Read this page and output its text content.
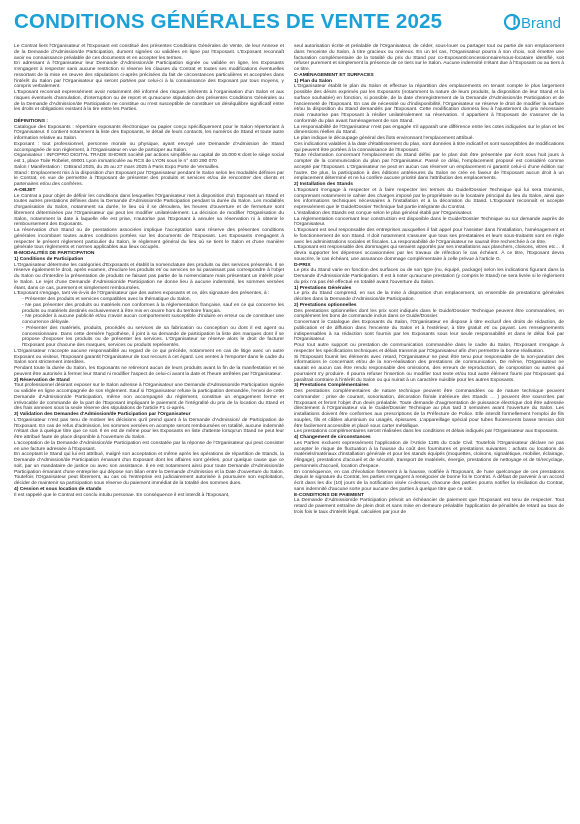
CONDITIONS GÉNÉRALES DE VENTE 2025	Brand

Le Contrat lient l'Organisateur et l'Exposant est constitué des présentes Conditions Générales de Vente, de leur Annexe et de la Demande d'Admission/de Participation, dument signées ou validées en ligne par l'Exposant. L'Exposant reconnaît avoir eu connaissance préalable de ces documents et en accepter les termes.

En adressant à l'Organisateur leur Demande d'Admission/de Participation signée ou validée en ligne, les Exposants s'engagent à respecter sans aucune restriction ni réserve les clauses du Contrat et toutes ses modifications éventuelles ressortant de la mise en œuvre des stipulations ci-après précisées du fait de circonstances particulières et acceptées dans l'intérêt du Salon par l'Organisateur qui seront portées par celui-ci à la connaissance des Exposant par tous moyens, y compris verbalement.

L'Exposant reconnait expressément avoir notamment été informé des risques inhérents à l'organisation d'un Salon et aux risques éventuels d'annulation, d'interruption ou de report et qu'aucune stipulation des présentes Conditions Générales ou de la Demande d'Admission/de Participation ne constitue ou n'est susceptible de constituer un déséquilibre significatif entre les droits et obligations existant à la tire entre les Parties.

DÉFINITIONS :

Catalogue des Exposants : répertoire exposants électronique ou papier conçu spécifiquement pour le Salon répertoriant à l'Organisateur. Il contient notamment la liste des Exposants, le détail de leurs contacts, les numéros de Stand et toute autre information relative au Salon.

Exposant : tout professionnel, personne morale ou physique, ayant envoyé une Demande d'Admission de Stand accompagnée de son règlement, à l'Organisateur en vue de participer au Salon.

Organisateur : INFOPRO DIGITAL TRADE SHOWS société par actions simplifiée au capital de 15.000 € dont le siège social est 1, place Toile Robelet, 69001 Lyon immatriculée au RCS de LYON sous le n° 440 290 070

Salon / Manifestation : CIBrand 2025, du 25 au 27 mars 2025 à Paris Expo Porte de Versailles.

Stand : Emplacement mis à la disposition d'un Exposant par l'Organisateur pendant le Salon selon les modalités définies par le Contrat, en vue de permettre à l'Exposant de présenter des produits et services et/ou de rencontrer des clients et partenaires et/ou des confrères.

A-OBJET

Le Contrat a pour objet de définir les conditions dans lesquelles l'Organisateur met à disposition d'un Exposant un Stand et toutes autres prestations définies dans la Demande d'Admission/de Participation pendant la durée du Salon. Les modalités d'organisation du Salon, notamment sa durée, le lieu où il se déroulera, les heures d'ouverture et de fermeture sont librement déterminées par l'Organisateur qui peut les modifier unilatéralement. La décision de modifier l'Organisation du Salon, notamment la date à laquelle elle est prise, n'autorise pas l'Exposant à annuler sa réservation ni à obtenir le remboursement des Exposants.

La réservation d'un Stand ou de prestations associées implique l'acceptation sans réserve des présentes conditions générales incombant toutes autres conditions portées sur les documents de l'Exposant. Les Exposants s'engagent à respecter le présent règlement particulier du Salon, le règlement général du lieu où se tient le Salon et d'une manière générale tous règlements et normes applicables aux lieux occupés.

B-MODALITÉS DE PARTICIPATION

1) Conditions de Participation

L'Organisateur détermine les catégories d'Exposants et établit la nomenclature des produits ou des services présentés. Il se réserve également le droit, après examen, d'exclure les produits et/ ou services ne lui paraissant pas correspondre à l'objet du Salon ou d'interdire la présentation de produits ne faisant pas partie de la nomenclature mais présentant un intérêt pour le Salon. Le rejet d'une Demande d'Admission/de Participation ne donne lieu à aucune indemnité, les sommes versées étant, dans ce cas, purement et simplement remboursées.

L'Exposant s'engage, tant vis-à-vis de l'Organisateur que des autres exposants et ce, dès signature des présentes, à :

- Présenter des produits et services compatibles avec la thématique du Salon,

- Ne pas présenter des produits ou matériels non conformes à la réglementation française, sauf en ce qui concerne les produits ou matériels destinés exclusivement à être mis en œuvre hors du territoire français.

- Ne procéder à aucune publicité et/ou n'avoir aucun comportement susceptible d'induire en erreur ou de constituer une concurrence déloyale.

- Présenter des matériels, produits, procédés ou services de sa fabrication ou conception ou dont il est agent ou concessionnaire. Dans cette dernière hypothèse, il joint à sa demande de participation la liste des marques dont il se propose d'exposer les produits ou de présenter les services. L'Organisateur se réserve alors le droit de facturer l'Exposant pour chacune des marques, services ou produits représentés.

L'Organisateur n'accepte aucune responsabilité au regard de ce qui précède, notamment en cas de litige avec un autre Exposant ou visiteur, l'Exposant garantit l'Organisateur de tout recours à cet égard. Les ventes à l'emporter dans le cadre du Salon sont strictement interdites.

Pendant toute la durée du Salon, les Exposants ne retireront aucun de leurs produits avant la fin de la manifestation et ne peuvent être autorisés à fermer leur Stand ni modifier l'aspect de celui-ci avant la date et l'heure arrêtées par l'Organisateur.

2) Réservation de Stand

Tout professionnel désirant exposer sur le Salon adresse à l'Organisateur une Demande d'Admission/de Participation signée ou validée en ligne accompagnée de son règlement. Sauf si l'Organisateur refuse la participation demandée, l'envoi de cette Demande d'Admission/de Participation, même non accompagné du règlement, constitue un engagement ferme et irrévocable de commande de la part de l'Exposant impliquant le paiement de l'intégralité du prix de la location du Stand et des frais annexes sous la seule réserve des stipulations de l'article F1 ci-après.

3) Validation des Demandes d'Admission/de Participation par l'Organisateur

L'Organisateur n'est pas tenu de motiver les décisions qu'il prend quant à la Demande d'Admission/ de Participation de l'Exposant. En cas de refus d'admission, les sommes versées en acompte seront remboursées en totalité, aucune indemnité n'étant due à quelque titre que ce soit. Il en est de même pour les Exposants en liste d'attente lorsqu'un Stand ne peut leur être attribué faute de place disponible à l'ouverture du Salon.

L'acceptation de la Demande d'Admission/de Participation est constatée par la réponse de l'Organisateur qui peut consister en une facture adressée à l'Exposant.

En acceptant le Stand qui lui est attribué, malgré son acceptation et même après les opérations de répartition de Stands, la Demande d'Admission/de Participation émanant d'un Exposant dont les affaires sont gérées, pour quelque cause que ce soit, par un mandataire de justice ou avec son assistance. Il en est notamment ainsi pour toute Demande d'Admission/de Participation émanant d'une entreprise qui dépose son bilan entre la Demande d'Admission et la Date d'ouverture du Salon. Toutefois l'Organisateur peut librement, au cas où l'entreprise est judiciairement autorisée à poursuivre son exploitation, décider de maintenir sa participation sous réserve du paiement immédiat de la totalité des sommes dues.

4) Cession et sous location de stands

Il est rappelé que le Contrat est conclu intuitu personae. En conséquence il est interdit à l'Exposant,

seul autorisation écrite et préalable de l'Organisateur, de céder, sous-louer ou partager tout ou partie de son emplacement dans l'enceinte du Salon, à titre gracieux ou onéreux. En un tel cas, l'Organisateur pourra à son choix, soit émettre une facturation complémentaire de la totalité du prix du Stand par co-Exposant/concessionnaire/sous-locataire identifié, soit refuser purement et simplement la présence de ce tiers sur le Salon. Aucune indemnité n'étant due à l'Exposant ou au tiers à ce titre.

C-AMÉNAGEMENT ET SURFACES

1) Plan du Salon

L'Organisateur établit le plan du Salon et effectue la répartition des emplacements en tenant compte le plus largement possible des désirs exprimés par les Exposants (notamment la nature de leurs produits, la disposition de leur Stand et la surface souhaitée) en fonction, si possible, de la date d'enregistrement de la Demande d'Admission/de Participation et de l'ancienneté de l'Exposant. En cas de nécessité ou d'indisponibilité, l'Organisateur se réserve le droit de modifier la surface et/ou la disposition du Stand demandés par l'Exposant. Cette modification donnera lieu à l'ajustement du prix nécessaire mais n'autorise pas l'Exposant à résilier unilatéralement sa réservation. Il appartient à l'Exposant de s'assurer de la conformité du plan avant l'aménagement de son Stand.

La responsabilité de l'Organisateur n'est pas engagée s'il apparaît une différence entre les cotes indiquées sur le plan et les dimensions réelles du Stand.

Le plan indique le découpage général des îlots environnant l'emplacement attribué.

Ces indications valables à la date d'établissement du plan, sont données à titre indicatif et sont susceptibles de modifications qui peuvent être portées à la connaissance de l'Exposant.

Toute réclamation concernant l'emplacement du Stand défini par le plan doit être présentée par écrit sous huit jours à compter de la communication du plan par l'Organisateur. Passé ce délai, l'emplacement proposé est considéré comme accepté par l'Exposant. L'Organisateur ne peut en aucun cas réserver un emplacement ni garantir celui-ci d'une édition sur l'autre. De plus, la participation à des éditions antérieures du Salon ne crée en faveur de l'Exposant aucun droit à un emplacement déterminé et ne lui confère aucune priorité dans l'attribution des emplacements.

2) Installation des Stands

L'Exposant s'engage à respecter et à faire respecter les termes du Guide/Dossier Technique qui lui sera transmis, comprenant notamment le cahier des charges imposé par le propriétaire ou le locataire principal du lieu du Salon, ainsi que les informations techniques nécessaires à l'installation et à la décoration du Stand. L'Exposant reconnaît et accepte expressément que le Guide/Dossier Technique fait partie intégrante du Contrat.

L'installation des Stands est conçue selon le plan général établi par l'Organisateur.

La réglementation concernant leur construction est disponible dans le Guide/Dossier Technique ou sur demande auprès de l'Organisateur.

L'Exposant est seul responsable des entreprises auxquelles il fait appel pour l'assister dans l'installation, l'aménagement et le fonctionnement de son Stand. Il doit notamment s'assurer que tous ses prestataires et leurs sous-traitants sont en règle avec les administrations sociales et fiscales. La responsabilité de l'Organisateur ne saurait être recherchée à ce titre.

L'Exposant est responsable des dommages qui seraient apportés par ses installations aux planchers, cloisons, vitres etc… Il devra supporter les dépenses occasionnées par les travaux de réfection le cas échéant. À ce titre, l'Exposant devra souscrire, le cas échéant, une assurance dommage complémentaire à celle prévue à l'article G.

D-PRIX

Le prix du Stand varie en fonction des surfaces ou de son type (nu, équipé, package) selon les indications figurant dans la Demande d'Admission/de Participation. Il est à noter qu'aucune prestation (y compris le Stand) ne sera livrée si le règlement du prix n'a pas été effectué en totalité avant l'ouverture du Salon.

1) Prestations Générales

Le prix du Stand comprend, en sus de la mise à disposition d'un emplacement, un ensemble de prestations générales décrites dans la Demande d'Admission/de Participation.

2) Prestations optionnelles

Des prestations optionnelles dont les prix sont indiqués dans le Guide/Dossier Technique peuvent être commandées, en complément les bons de commande inclus dans ce Guide/Dossier.

Concernant le Catalogue des Exposants du Salon, l'Organisateur en dispose à titre exclusif des droits de rédaction, de publication et de diffusion dans l'enceinte du Salon et à l'extérieur, à titre gratuit et/ ou payant. Les renseignements indispensables à sa rédaction sont fournis par les Exposants sous leur seule responsabilité et dans le délai fixé par l'Organisateur.

Pour tout autre support ou prestation de communication commandée dans le cadre du Salon, l'Exposant s'engage à respecter les spécifications techniques et délais transmis par l'Organisateur afin d'en permettre la bonne réalisation.

Si l'Exposant fournit les éléments avec retard, l'Organisateur ne peut être tenu pour responsable de la non-parution des informations le concernant et/ou de la non-réalisation des prestations de communication. De même, l'Organisateur ne saurait en aucun cas être rendu responsable des omissions, des erreurs de reproduction, de composition ou autres qui pourraient s'y produire. Il pourra refuser l'insertion ou modifier tout texte et/ou tout autre élément fourni par l'Exposant qui paraîtrait contraire à l'intérêt du Salon ou qui nuirait à un caractère nuisible pour les autres Exposants.

3) Prestations Complémentaires

Des prestations complémentaires de nature technique peuvent être commandées ou de nature technique peuvent commander : prise de courant, sonorisation, décoration florale intérieure des Stands … ) peuvent être souscrites par l'Exposant et feront l'objet d'un devis préalable. Toute demande d'augmentation de puissance électrique doit être adressée directement à l'Organisateur via le Guide/Dossier Technique au plus tard 3 semaines avant l'ouverture du Salon. Les installations doivent être conformes aux prescriptions de la Préfecture de Police. Elle interdit formellement l'emploi de fils souples, fils et câbles aluminium ou usagés, épissures. L'appareillage spécial pour tubes fluorescents basse tension doit être facilement accessible et placé sous carter métallique.

Les prestations complémentaires seront réalisées dans les conditions et délais indiqués par l'Organisateur aux Exposants.

4) Changement de circonstances

Les Parties excluent expressément l'application de l'Article 1195 du Code Civil. Toutefois l'Organisateur déclare ne pas accepter le risque de fluctuation à la hausse du coût des fournitures et prestations suivantes : achats ou locations de matériels/matériaux d'installation générale et pour les stands équipés (moquettes, cloisons, signalétique, mobilier, éclairage, élingage), prestations d'accueil et de sécurité, transport de matériels, énergie, prestations de nettoyage et de tri/recyclage, personnels d'accueil, location d'espace.

En conséquence, en cas d'évolution fortement à la hausse, notifiée à l'Exposant, de l'une quelconque de ces prestations depuis le signature du Contrat, les parties s'engagent à renégocier de bonne foi le Contrat. À défaut de parvenir à un accord écrit dans les dix (10) jours de la notification visée ci-dessus, chacune des parties pourra notifier la résiliation du Contrat, sans indemnité d'aucune sorte pour aucune des parties à quelque titre que ce soit.

E-CONDITIONS DE PAIEMENT

La Demande d'Admission/de Participation prévoit un échéancier de paiement que l'Exposant est tenu de respecter. Tout retard de paiement entraîne de plein droit et sans mise en demeure préalable l'application de pénalités de retard au taux de trois fois le taux d'intérêt légal, calculées par jour de
